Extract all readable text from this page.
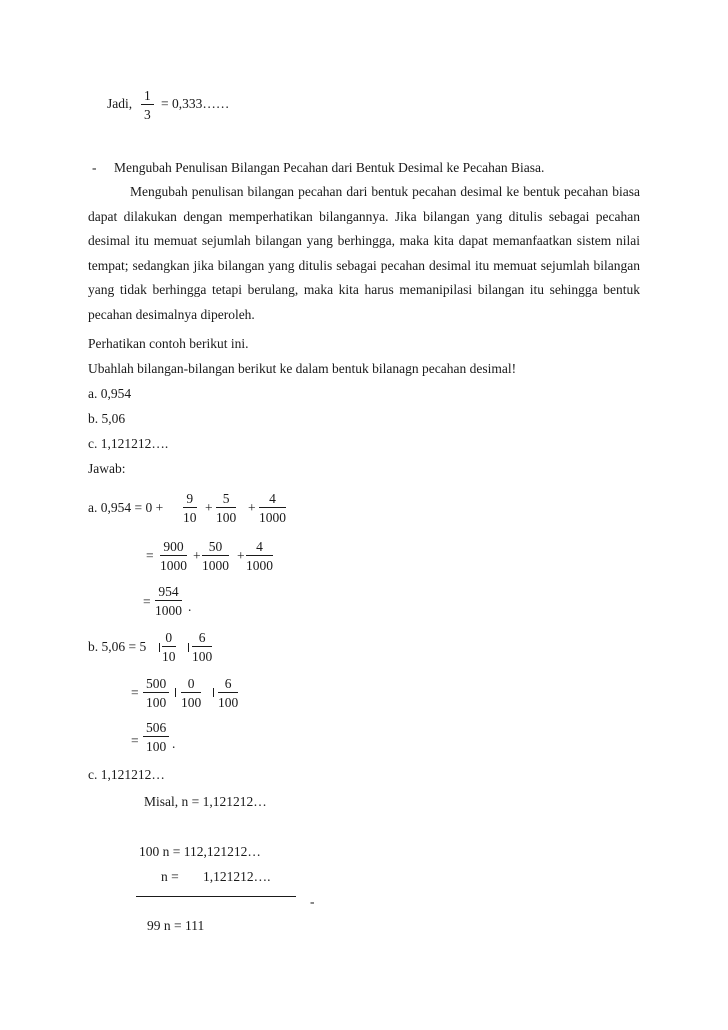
Jadi, $\frac{1}{3}$ = 0,333……
- Mengubah Penulisan Bilangan Pecahan dari Bentuk Desimal ke Pecahan Biasa.
Mengubah penulisan bilangan pecahan dari bentuk pecahan desimal ke bentuk pecahan biasa dapat dilakukan dengan memperhatikan bilangannya. Jika bilangan yang ditulis sebagai pecahan desimal itu memuat sejumlah bilangan yang berhingga, maka kita dapat memanfaatkan sistem nilai tempat; sedangkan jika bilangan yang ditulis sebagai pecahan desimal itu memuat sejumlah bilangan yang tidak berhingga tetapi berulang, maka kita harus memanipilasi bilangan itu sehingga bentuk pecahan desimalnya diperoleh.
Perhatikan contoh berikut ini.
Ubahlah bilangan-bilangan berikut ke dalam bentuk bilanagn pecahan desimal!
a. 0,954
b. 5,06
c. 1,121212….
Jawab:
a. $0,954 = 0 + \frac{9}{10} + \frac{5}{100} + \frac{4}{1000}$
= $\frac{900}{1000} + \frac{50}{1000} + \frac{4}{1000}$
= $\frac{954}{1000}$ .
b. $5,06 = 5 \frac{0}{10} \frac{6}{100}$
= $\frac{500}{100} \frac{0}{100} \frac{6}{100}$
= $\frac{506}{100}$ .
c. 1,121212…
Misal, n = 1,121212…
100 n = 112,121212…
n = 1,121212….
-
99 n = 111
